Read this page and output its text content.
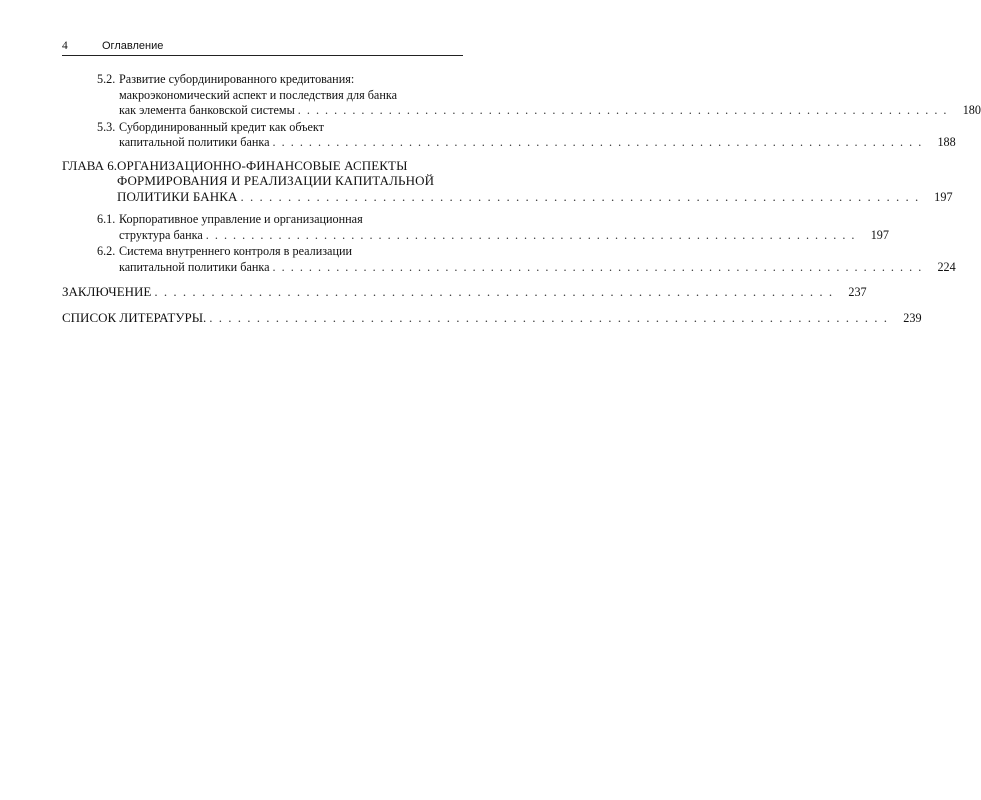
4	Оглавление
5.2. Развитие субординированного кредитования:
макроэкономический аспект и последствия для банка
как элемента банковской системы . . . . . . . . . . . . . . . . . . . . . . . . . . . . . . . . . . . . . . . . . . . . . . . . . . . . . . . . . . . . . . . . . . . . . . . .	180
5.3. Субординированный кредит как объект
капитальной политики банка . . . . . . . . . . . . . . . . . . . . . . . . . . . . . . . . . . . . . . . . . . . . . . . . . . . . . . . . . . . . . . . . . . . . . . . .	188
ГЛАВА 6. ОРГАНИЗАЦИОННО-ФИНАНСОВЫЕ АСПЕКТЫ
ФОРМИРОВАНИЯ И РЕАЛИЗАЦИИ КАПИТАЛЬНОЙ
ПОЛИТИКИ БАНКА . . . . . . . . . . . . . . . . . . . . . . . . . . . . . . . . . . . . . . . . . . . . . . . . . . . . . . . . . . . . . . . . . . . . . . . .	197
6.1. Корпоративное управление и организационная
структура банка . . . . . . . . . . . . . . . . . . . . . . . . . . . . . . . . . . . . . . . . . . . . . . . . . . . . . . . . . . . . . . . . . . . . . . . .	197
6.2. Система внутреннего контроля в реализации
капитальной политики банка . . . . . . . . . . . . . . . . . . . . . . . . . . . . . . . . . . . . . . . . . . . . . . . . . . . . . . . . . . . . . . . . . . . . . . . .	224
ЗАКЛЮЧЕНИЕ . . . . . . . . . . . . . . . . . . . . . . . . . . . . . . . . . . . . . . . . . . . . . . . . . . . . . . . . . . . . . . . . . . . . . . . .	237
СПИСОК ЛИТЕРАТУРЫ. . . . . . . . . . . . . . . . . . . . . . . . . . . . . . . . . . . . . . . . . . . . . . . . . . . . . . . . . . . . . . . . . . . . . . . . .	239
